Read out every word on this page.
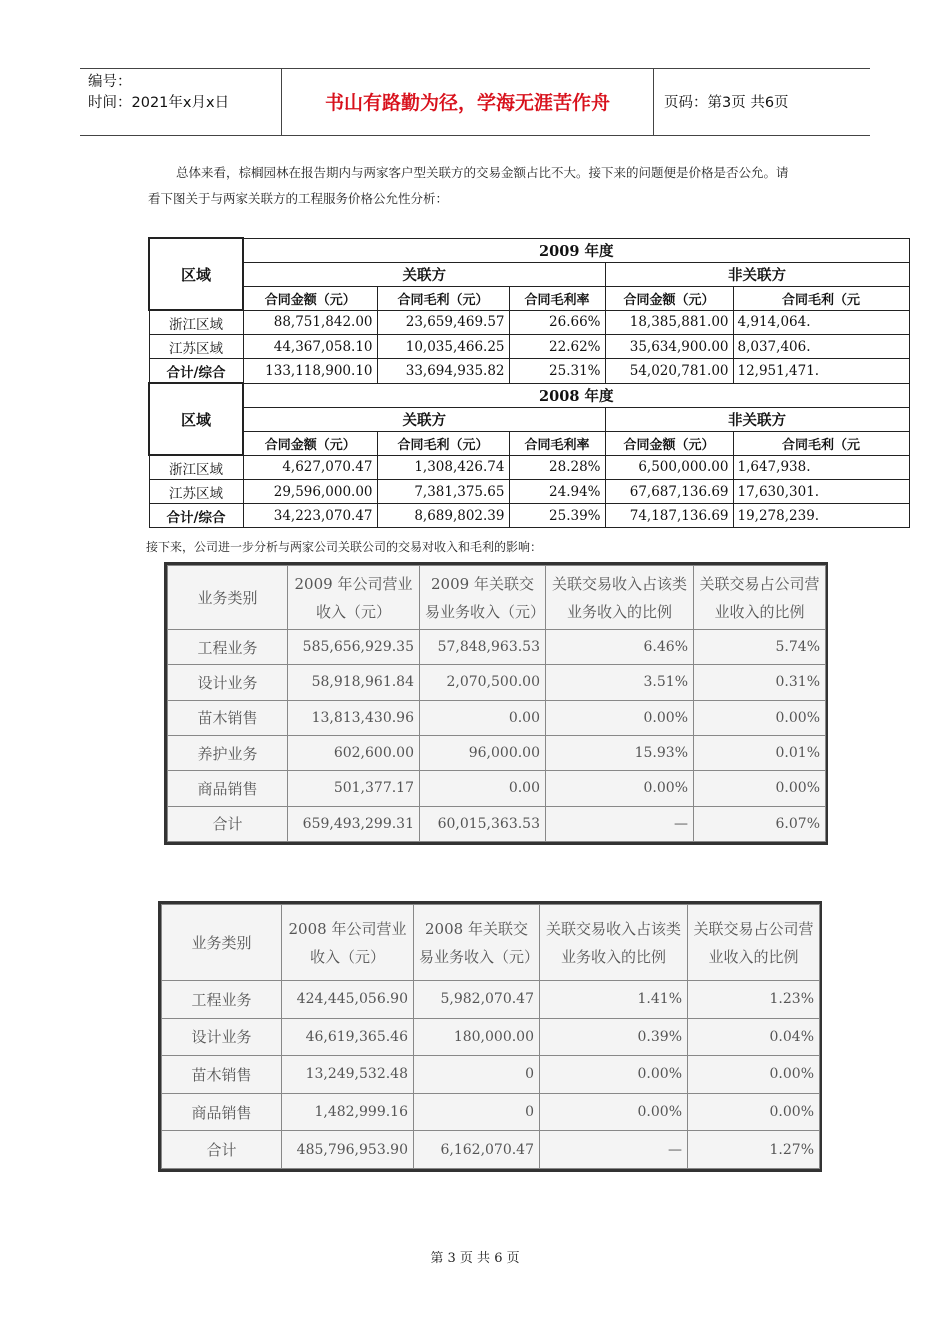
编号：
时间：2021年x月x日	书山有路勤为径，学海无涯苦作舟	页码：第3页 共6页
总体来看，棕榈园林在报告期内与两家客户型关联方的交易金额占比不大。接下来的问题便是价格是否公允。请
看下图关于与两家关联方的工程服务价格公允性分析：
区域	2009 年度				
	关联方			非关联方	
	合同金额（元）	合同毛利（元）	合同毛利率	合同金额（元）	合同毛利（元
浙江区域	88,751,842.00	23,659,469.57	26.66%	18,385,881.00	4,914,064.
江苏区域	44,367,058.10	10,035,466.25	22.62%	35,634,900.00	8,037,406.
合计/综合	133,118,900.10	33,694,935.82	25.31%	54,020,781.00	12,951,471.
区域	2008 年度				
	关联方			非关联方	
	合同金额（元）	合同毛利（元）	合同毛利率	合同金额（元）	合同毛利（元
浙江区域	4,627,070.47	1,308,426.74	28.28%	6,500,000.00	1,647,938.
江苏区域	29,596,000.00	7,381,375.65	24.94%	67,687,136.69	17,630,301.
合计/综合	34,223,070.47	8,689,802.39	25.39%	74,187,136.69	19,278,239.
接下来，公司进一步分析与两家公司关联公司的交易对收入和毛利的影响：
业务类别	2009 年公司营业收入（元）	2009 年关联交易业务收入（元）	关联交易收入占该类业务收入的比例	关联交易占公司营业收入的比例
工程业务	585,656,929.35	57,848,963.53	6.46%	5.74%
设计业务	58,918,961.84	2,070,500.00	3.51%	0.31%
苗木销售	13,813,430.96	0.00	0.00%	0.00%
养护业务	602,600.00	96,000.00	15.93%	0.01%
商品销售	501,377.17	0.00	0.00%	0.00%
合计	659,493,299.31	60,015,363.53	—	6.07%
业务类别	2008 年公司营业收入（元）	2008 年关联交易业务收入（元）	关联交易收入占该类业务收入的比例	关联交易占公司营业收入的比例
工程业务	424,445,056.90	5,982,070.47	1.41%	1.23%
设计业务	46,619,365.46	180,000.00	0.39%	0.04%
苗木销售	13,249,532.48	0	0.00%	0.00%
商品销售	1,482,999.16	0	0.00%	0.00%
合计	485,796,953.90	6,162,070.47	—	1.27%
第 3 页 共 6 页
